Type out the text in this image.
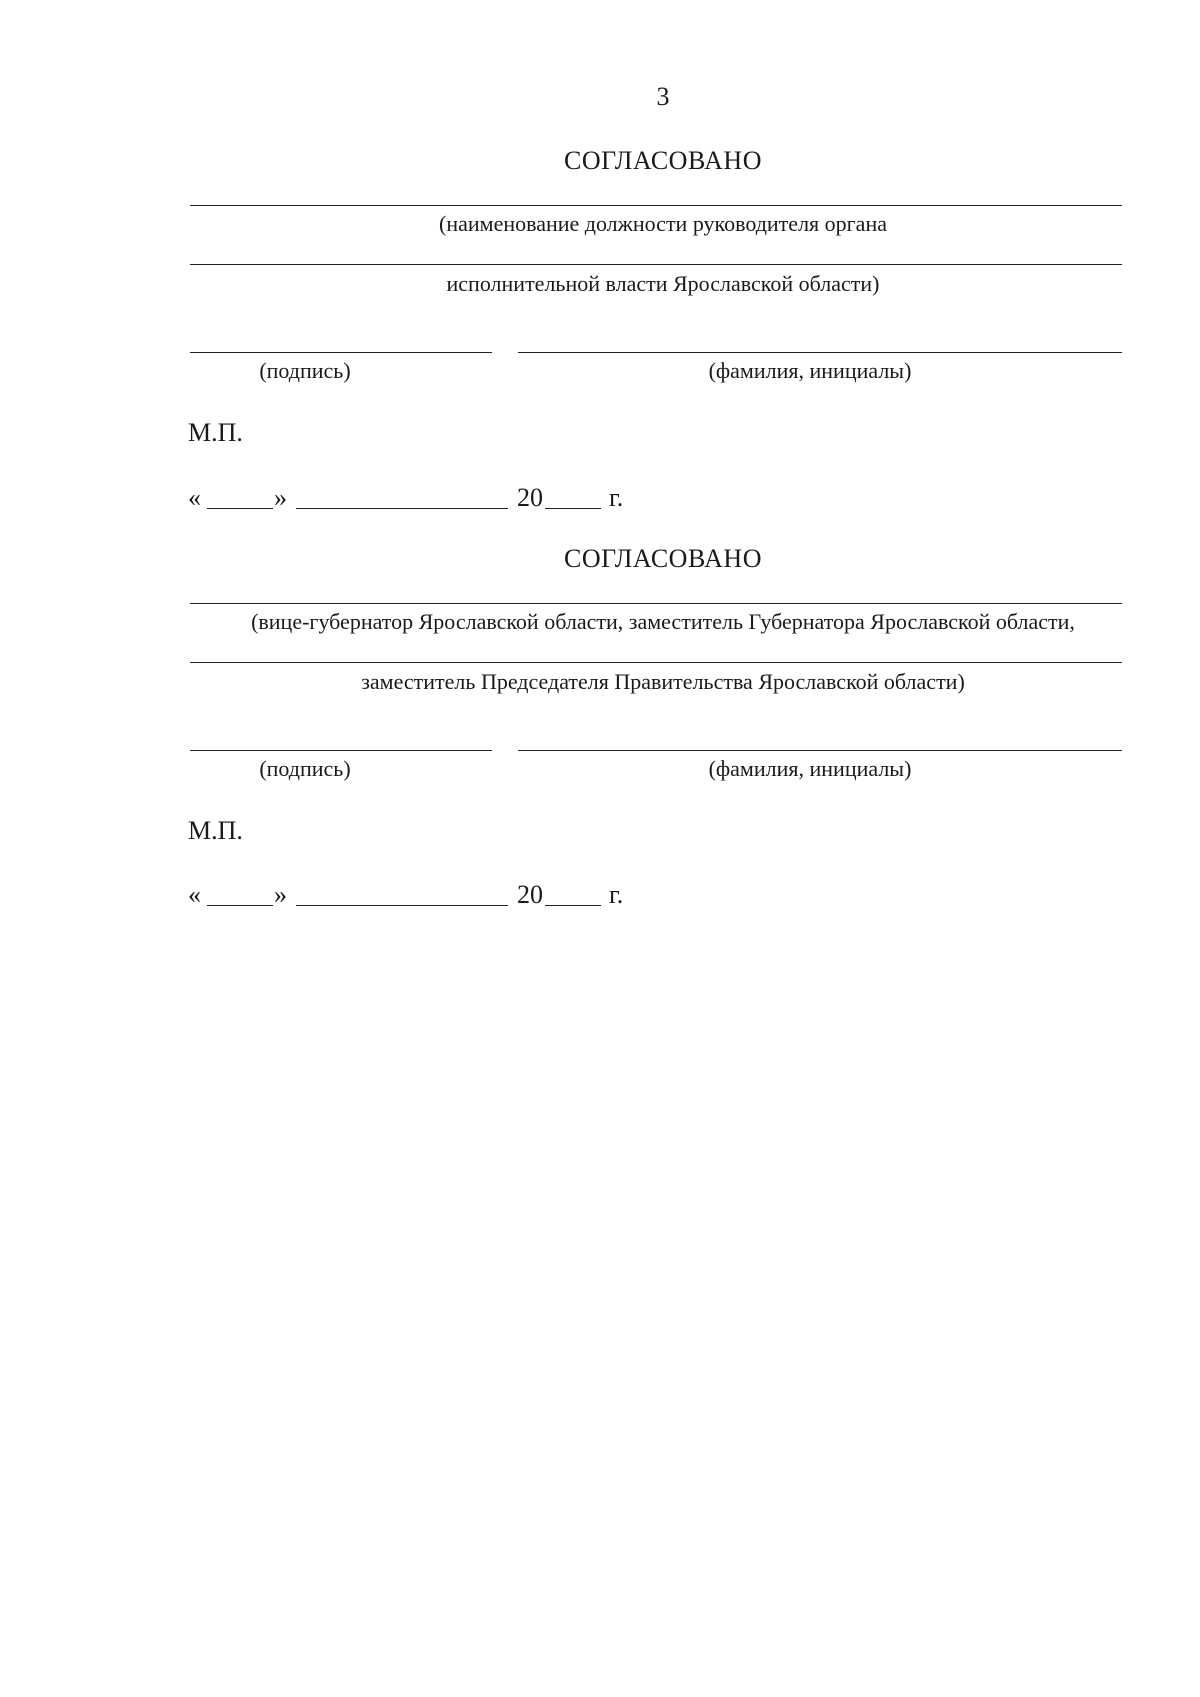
3
СОГЛАСОВАНО
(наименование должности руководителя органа
исполнительной власти Ярославской области)
(подпись)	(фамилия, инициалы)
М.П.
«	»	20	г.
СОГЛАСОВАНО
(вице-губернатор Ярославской области, заместитель Губернатора Ярославской области,
заместитель Председателя Правительства Ярославской области)
(подпись)	(фамилия, инициалы)
М.П.
«	»	20	г.
